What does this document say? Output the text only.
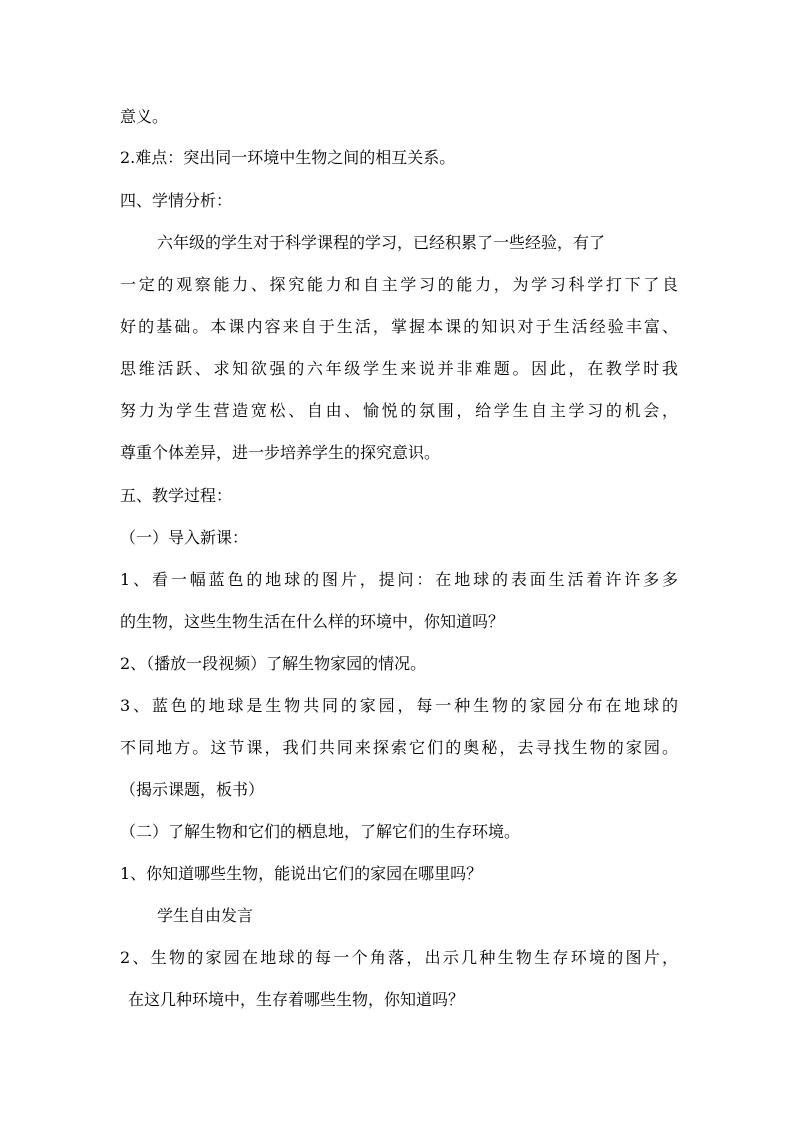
意义。
2.难点：突出同一环境中生物之间的相互关系。
四、学情分析：
六年级的学生对于科学课程的学习，已经积累了一些经验，有了
一定的观察能力、探究能力和自主学习的能力，为学习科学打下了良
好的基础。本课内容来自于生活，掌握本课的知识对于生活经验丰富、
思维活跃、求知欲强的六年级学生来说并非难题。因此，在教学时我
努力为学生营造宽松、自由、愉悦的氛围，给学生自主学习的机会，
尊重个体差异，进一步培养学生的探究意识。
五、教学过程：
（一）导入新课：
1、看一幅蓝色的地球的图片，提问：在地球的表面生活着许许多多
的生物，这些生物生活在什么样的环境中，你知道吗？
2、（播放一段视频）了解生物家园的情况。
3、蓝色的地球是生物共同的家园，每一种生物的家园分布在地球的
不同地方。这节课，我们共同来探索它们的奥秘，去寻找生物的家园。
（揭示课题，板书）
（二）了解生物和它们的栖息地，了解它们的生存环境。
1、你知道哪些生物，能说出它们的家园在哪里吗？
学生自由发言
2、生物的家园在地球的每一个角落，出示几种生物生存环境的图片，
在这几种环境中，生存着哪些生物，你知道吗？
